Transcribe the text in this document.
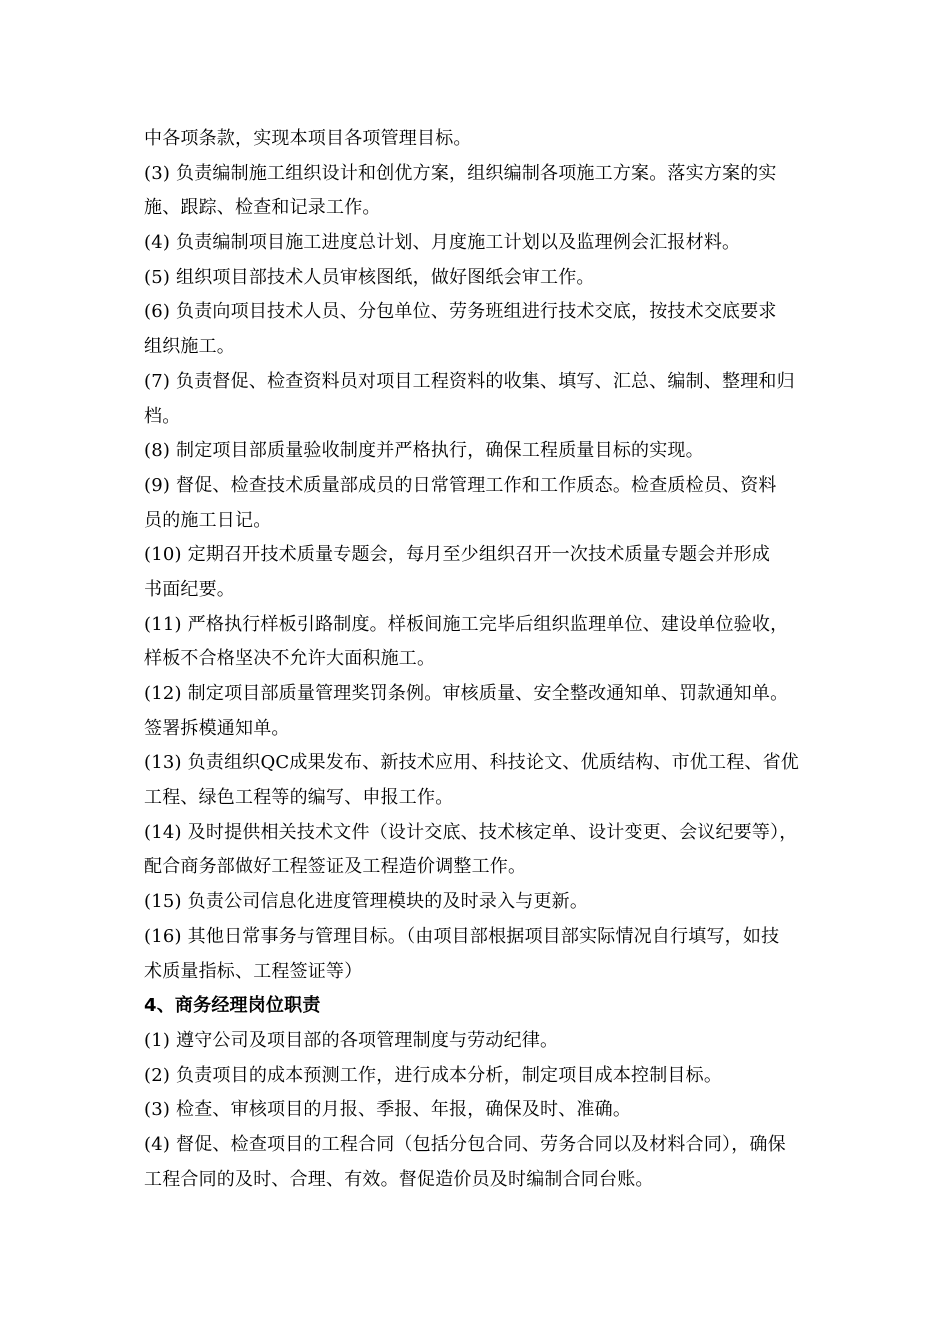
中各项条款，实现本项目各项管理目标。
(3) 负责编制施工组织设计和创优方案，组织编制各项施工方案。落实方案的实
施、跟踪、检查和记录工作。
(4) 负责编制项目施工进度总计划、月度施工计划以及监理例会汇报材料。
(5) 组织项目部技术人员审核图纸，做好图纸会审工作。
(6) 负责向项目技术人员、分包单位、劳务班组进行技术交底，按技术交底要求
组织施工。
(7) 负责督促、检查资料员对项目工程资料的收集、填写、汇总、编制、整理和归
档。
(8) 制定项目部质量验收制度并严格执行，确保工程质量目标的实现。
(9) 督促、检查技术质量部成员的日常管理工作和工作质态。检查质检员、资料
员的施工日记。
(10) 定期召开技术质量专题会，每月至少组织召开一次技术质量专题会并形成
书面纪要。
(11) 严格执行样板引路制度。样板间施工完毕后组织监理单位、建设单位验收，
样板不合格坚决不允许大面积施工。
(12) 制定项目部质量管理奖罚条例。审核质量、安全整改通知单、罚款通知单。
签署拆模通知单。
(13) 负责组织QC成果发布、新技术应用、科技论文、优质结构、市优工程、省优
工程、绿色工程等的编写、申报工作。
(14) 及时提供相关技术文件（设计交底、技术核定单、设计变更、会议纪要等），
配合商务部做好工程签证及工程造价调整工作。
(15) 负责公司信息化进度管理模块的及时录入与更新。
(16) 其他日常事务与管理目标。（由项目部根据项目部实际情况自行填写，如技
术质量指标、工程签证等）
4、商务经理岗位职责
(1) 遵守公司及项目部的各项管理制度与劳动纪律。
(2) 负责项目的成本预测工作，进行成本分析，制定项目成本控制目标。
(3) 检查、审核项目的月报、季报、年报，确保及时、准确。
(4) 督促、检查项目的工程合同（包括分包合同、劳务合同以及材料合同），确保
工程合同的及时、合理、有效。督促造价员及时编制合同台账。
